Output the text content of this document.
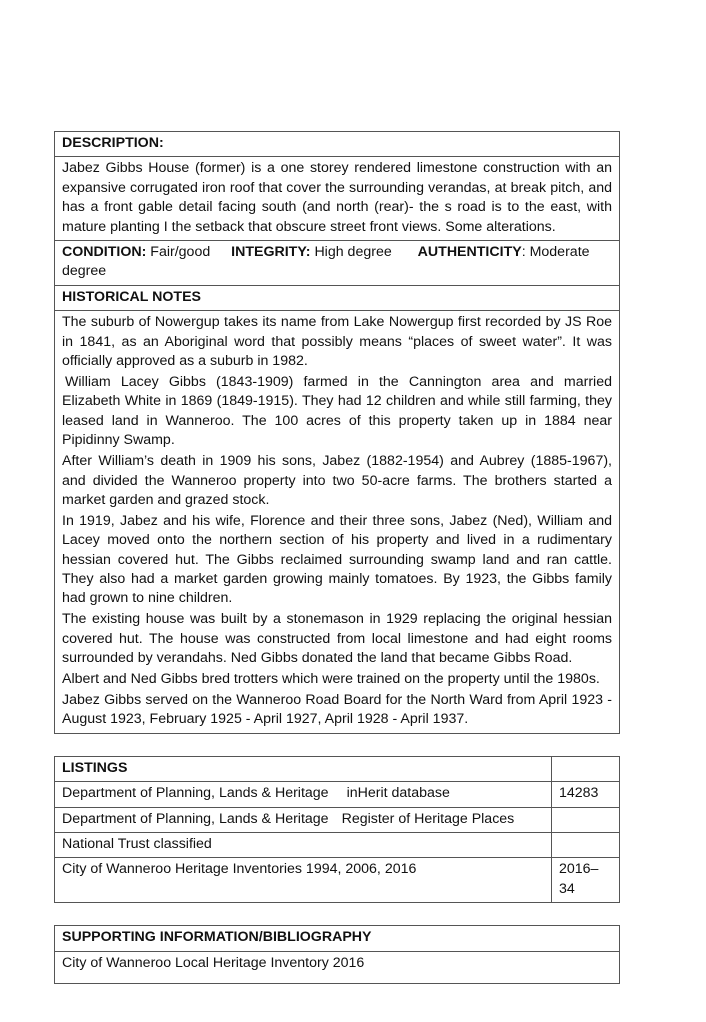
DESCRIPTION:

Jabez Gibbs House (former) is a one storey rendered limestone construction with an expansive corrugated iron roof that cover the surrounding verandas, at break pitch, and has a front gable detail facing south (and north (rear)- the s road is to the east, with mature planting I the setback that obscure street front views. Some alterations.

CONDITION: Fair/good INTEGRITY: High degree AUTHENTICITY: Moderate degree
HISTORICAL NOTES

The suburb of Nowergup takes its name from Lake Nowergup first recorded by JS Roe in 1841, as an Aboriginal word that possibly means “places of sweet water”. It was officially approved as a suburb in 1982.

William Lacey Gibbs (1843-1909) farmed in the Cannington area and married Elizabeth White in 1869 (1849-1915). They had 12 children and while still farming, they leased land in Wanneroo. The 100 acres of this property taken up in 1884 near Pipidinny Swamp.

After William’s death in 1909 his sons, Jabez (1882-1954) and Aubrey (1885-1967), and divided the Wanneroo property into two 50-acre farms. The brothers started a market garden and grazed stock.

In 1919, Jabez and his wife, Florence and their three sons, Jabez (Ned), William and Lacey moved onto the northern section of his property and lived in a rudimentary hessian covered hut. The Gibbs reclaimed surrounding swamp land and ran cattle. They also had a market garden growing mainly tomatoes. By 1923, the Gibbs family had grown to nine children.

The existing house was built by a stonemason in 1929 replacing the original hessian covered hut. The house was constructed from local limestone and had eight rooms surrounded by verandahs. Ned Gibbs donated the land that became Gibbs Road.

Albert and Ned Gibbs bred trotters which were trained on the property until the 1980s.

Jabez Gibbs served on the Wanneroo Road Board for the North Ward from April 1923 - August 1923, February 1925 - April 1927, April 1928 - April 1937.

LISTINGS	
Department of Planning, Lands & Heritage inHerit database	14283
Department of Planning, Lands & Heritage Register of Heritage Places	
National Trust classified	
City of Wanneroo Heritage Inventories 1994, 2006, 2016	2016–34
SUPPORTING INFORMATION/BIBLIOGRAPHY
City of Wanneroo Local Heritage Inventory 2016
